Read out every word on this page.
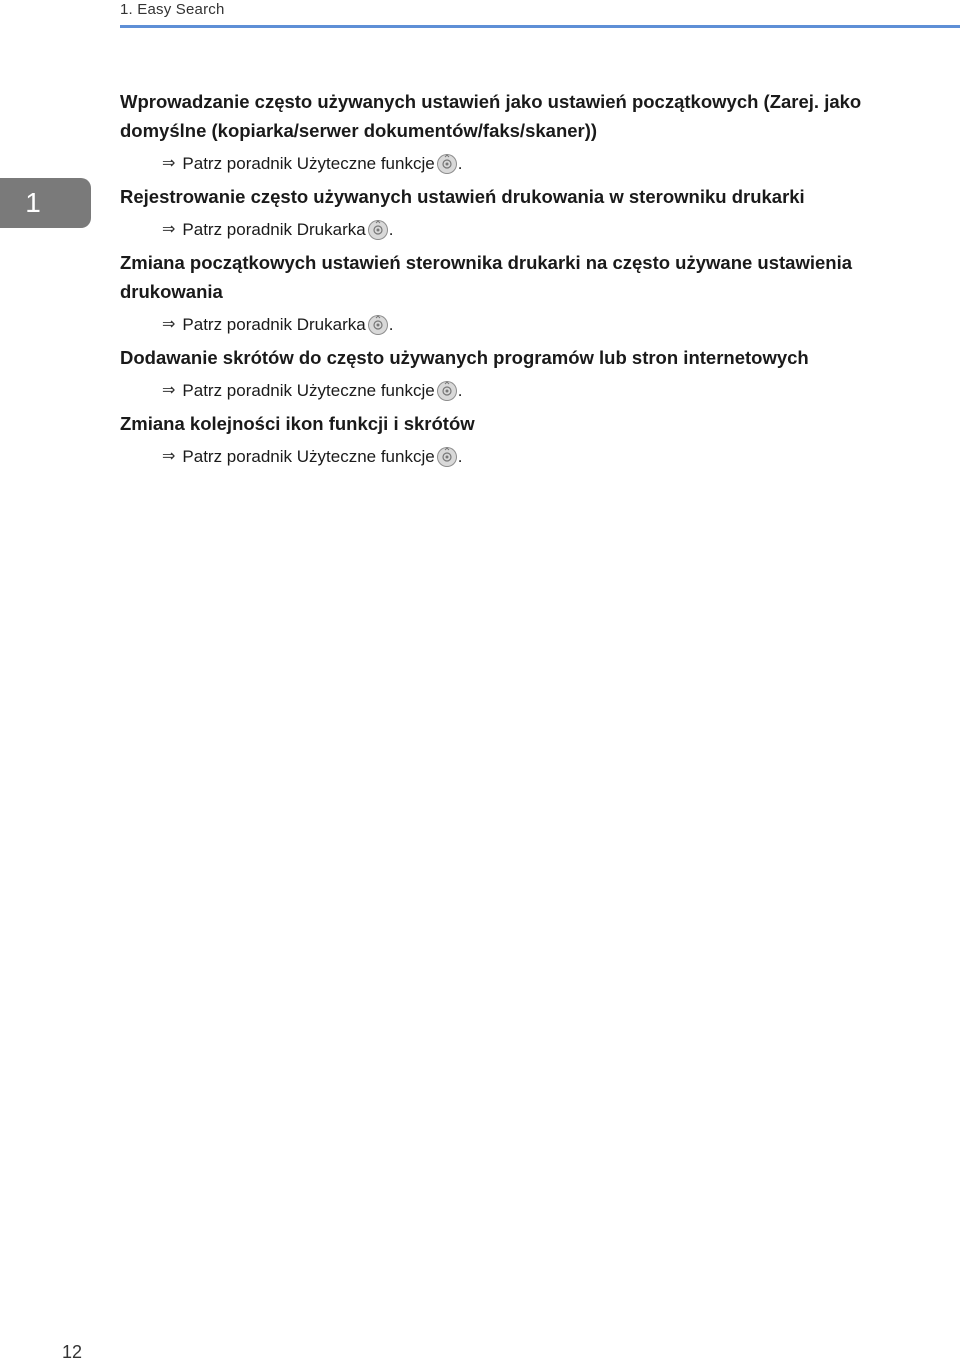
1. Easy Search
1

Wprowadzanie często używanych ustawień jako ustawień początkowych (Zarej. jako domyślne (kopiarka/serwer dokumentów/faks/skaner))

⇒ Patrz poradnik Użyteczne funkcje .

Rejestrowanie często używanych ustawień drukowania w sterowniku drukarki

⇒ Patrz poradnik Drukarka .

Zmiana początkowych ustawień sterownika drukarki na często używane ustawienia drukowania

⇒ Patrz poradnik Drukarka .

Dodawanie skrótów do często używanych programów lub stron internetowych

⇒ Patrz poradnik Użyteczne funkcje .

Zmiana kolejności ikon funkcji i skrótów

⇒ Patrz poradnik Użyteczne funkcje .
12
